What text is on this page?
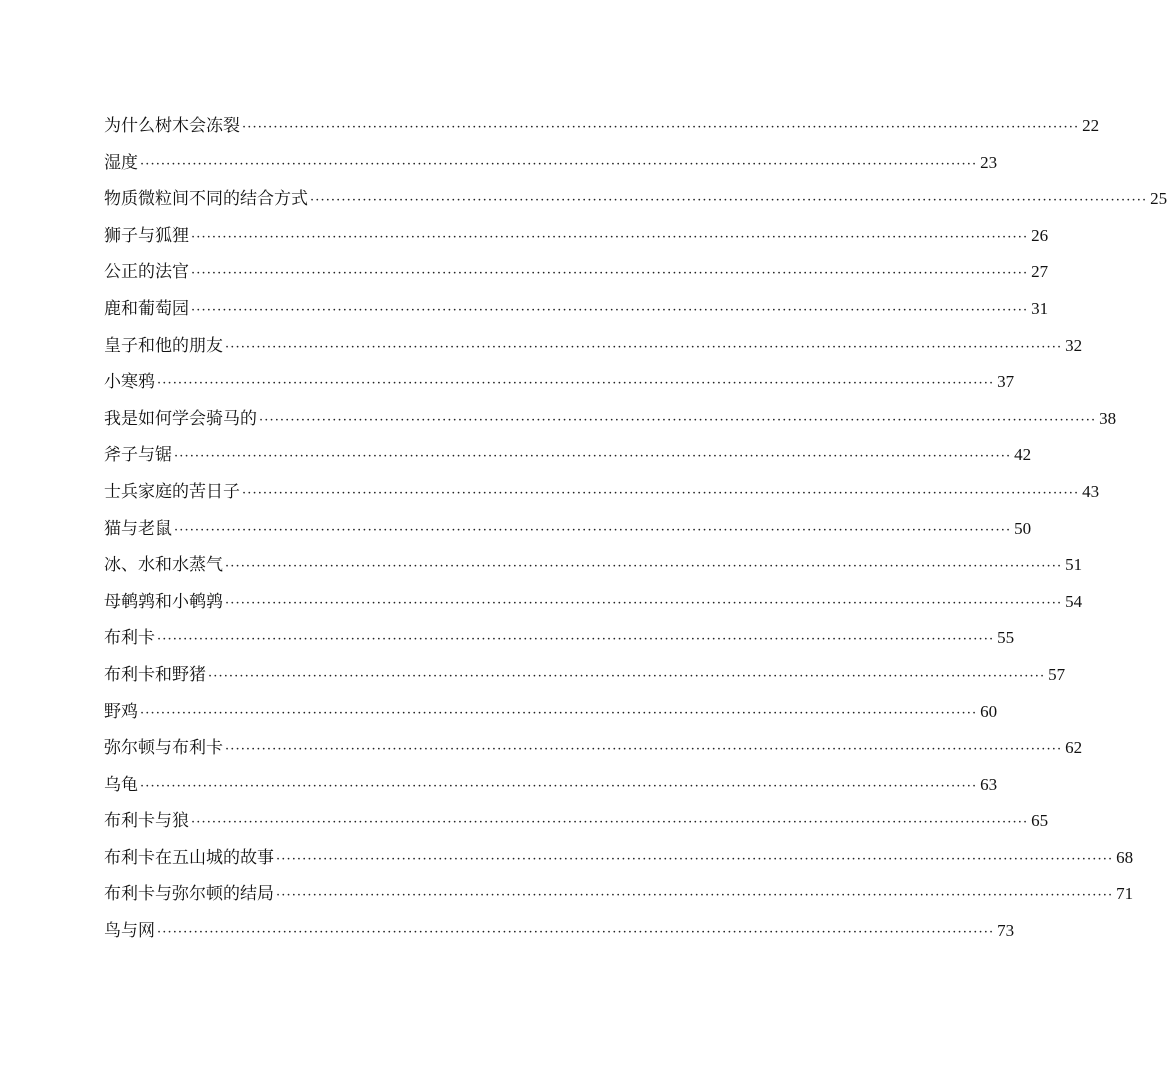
为什么树木会冻裂 ································································································································································ 22
湿度 ································································································································································ 23
物质微粒间不同的结合方式 ································································································································································ 25
狮子与狐狸 ································································································································································ 26
公正的法官 ································································································································································ 27
鹿和葡萄园 ································································································································································ 31
皇子和他的朋友 ································································································································································ 32
小寒鸦 ································································································································································ 37
我是如何学会骑马的 ································································································································································ 38
斧子与锯 ································································································································································ 42
士兵家庭的苦日子 ································································································································································ 43
猫与老鼠 ································································································································································ 50
冰、水和水蒸气 ································································································································································ 51
母鹌鹑和小鹌鹑 ································································································································································ 54
布利卡 ································································································································································ 55
布利卡和野猪 ································································································································································ 57
野鸡 ································································································································································ 60
弥尔顿与布利卡 ································································································································································ 62
乌龟 ································································································································································ 63
布利卡与狼 ································································································································································ 65
布利卡在五山城的故事 ································································································································································ 68
布利卡与弥尔顿的结局 ································································································································································ 71
鸟与网 ································································································································································ 73
